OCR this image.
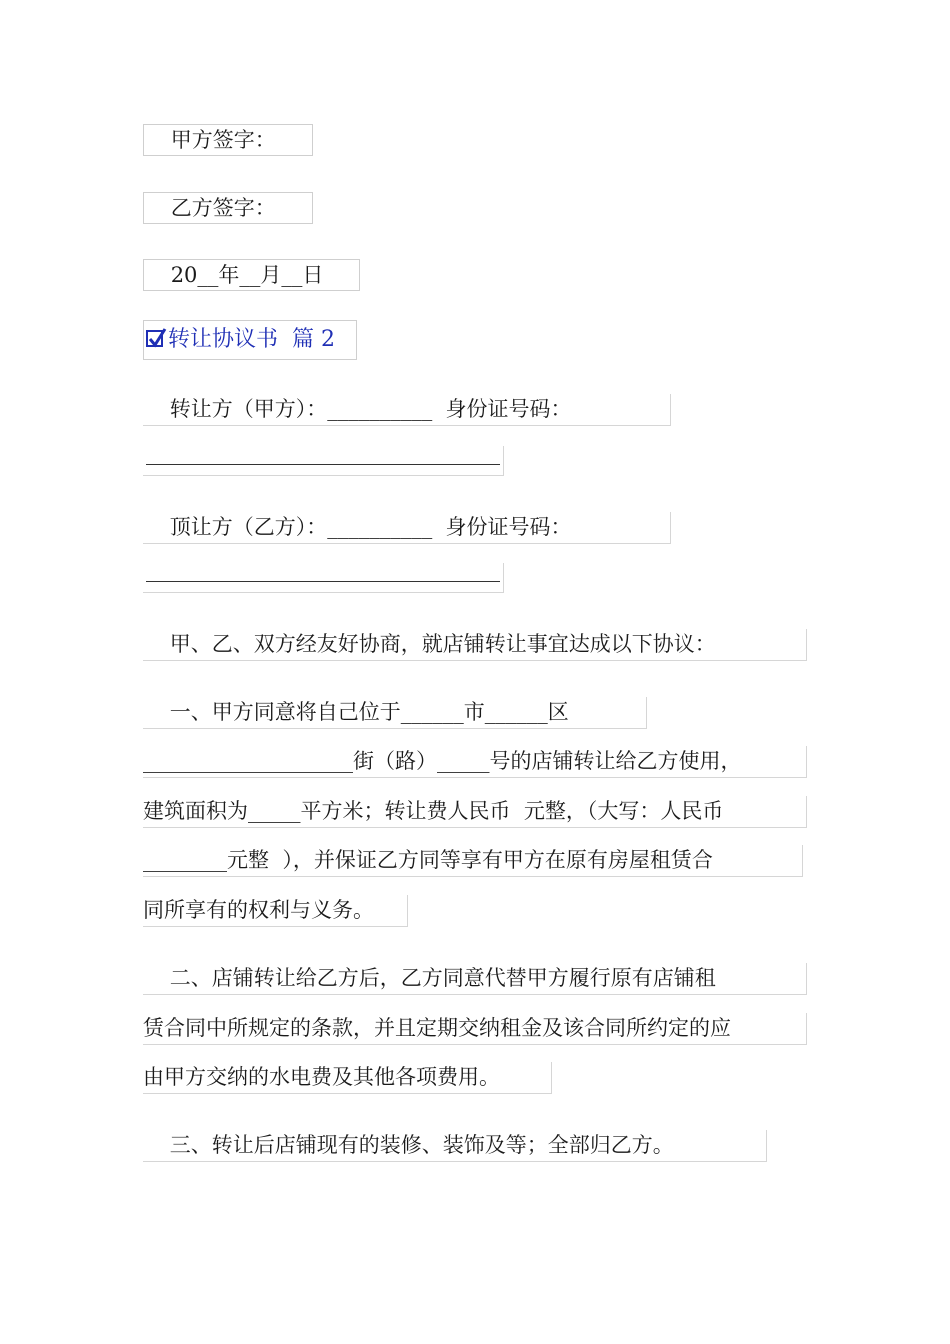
甲方签字：
乙方签字：
20__年__月__日

转让协议书  篇 2

转让方（甲方）：__________  身份证号码：

顶让方（乙方）：__________  身份证号码：

甲、乙、双方经友好协商，就店铺转让事宜达成以下协议：
一、甲方同意将自己位于______市______区
____________________街（路）_____号的店铺转让给乙方使用，
建筑面积为_____平方米；转让费人民币  元整，（大写：人民币
________元整  ），并保证乙方同等享有甲方在原有房屋租赁合
同所享有的权利与义务。
二、店铺转让给乙方后，乙方同意代替甲方履行原有店铺租
赁合同中所规定的条款，并且定期交纳租金及该合同所约定的应
由甲方交纳的水电费及其他各项费用。
三、转让后店铺现有的装修、装饰及等；全部归乙方。
